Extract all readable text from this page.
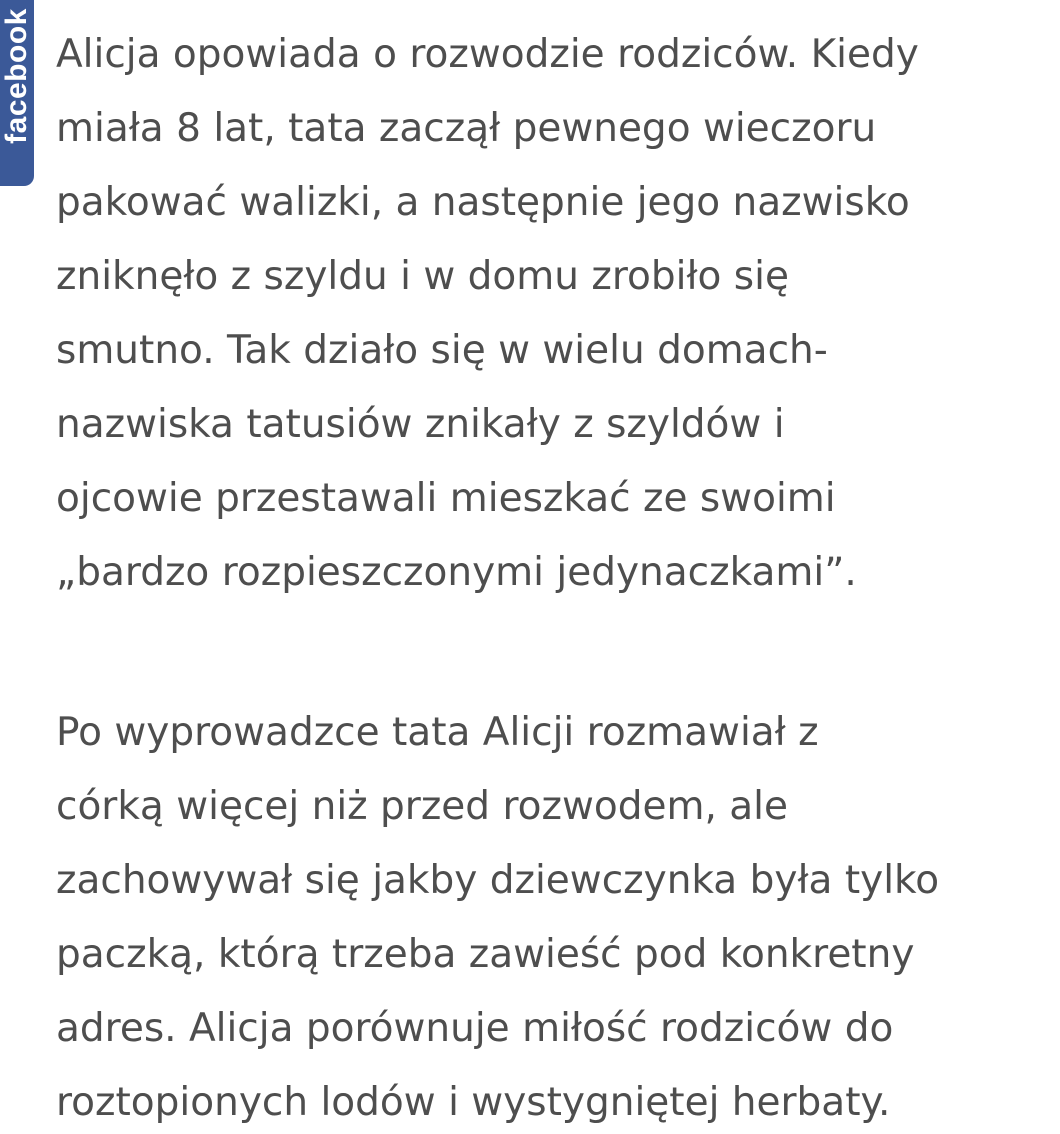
facebook Alicja opowiada o rozwodzie rodziców. Kiedy
miała 8 lat, tata zaczął pewnego wieczoru
pakować walizki, a następnie jego nazwisko
zniknęło z szyldu i w domu zrobiło się
smutno. Tak działo się w wielu domach-
nazwiska tatusiów znikały z szyldów i
ojcowie przestawali mieszkać ze swoimi
„bardzo rozpieszczonymi jedynaczkami”.
Po wyprowadzce tata Alicji rozmawiał z
córką więcej niż przed rozwodem, ale
zachowywał się jakby dziewczynka była tylko
paczką, którą trzeba zawieść pod konkretny
adres. Alicja porównuje miłość rodziców do
roztopionych lodów i wystygniętej herbaty.
